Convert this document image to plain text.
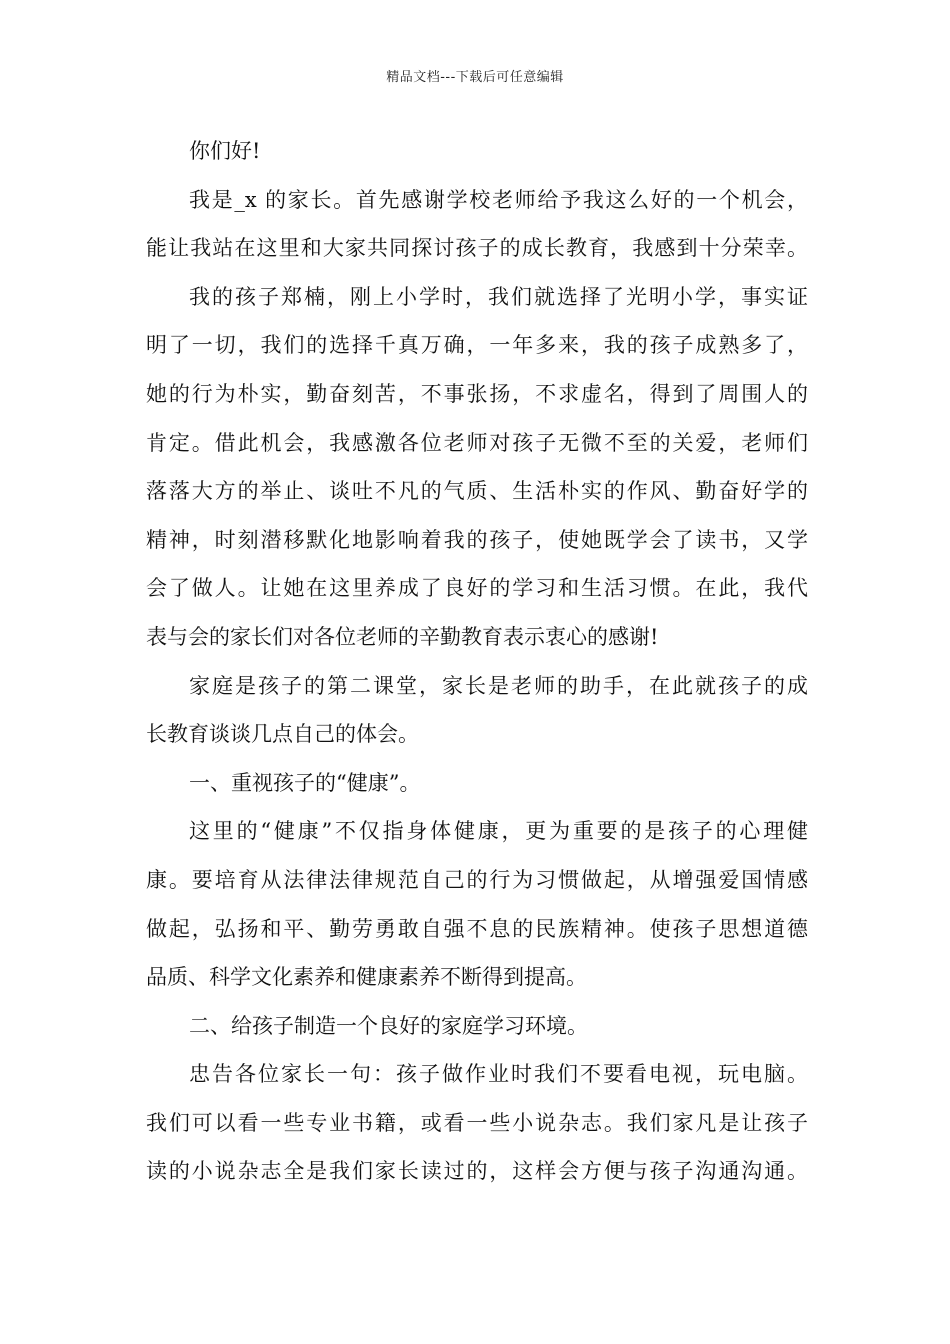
精品文档---下载后可任意编辑
你们好!
我是_x 的家长。首先感谢学校老师给予我这么好的一个机会，
能让我站在这里和大家共同探讨孩子的成长教育，我感到十分荣幸。
我的孩子郑楠，刚上小学时，我们就选择了光明小学，事实证
明了一切，我们的选择千真万确，一年多来，我的孩子成熟多了，
她的行为朴实，勤奋刻苦，不事张扬，不求虚名，得到了周围人的
肯定。借此机会，我感激各位老师对孩子无微不至的关爱，老师们
落落大方的举止、谈吐不凡的气质、生活朴实的作风、勤奋好学的
精神，时刻潜移默化地影响着我的孩子，使她既学会了读书，又学
会了做人。让她在这里养成了良好的学习和生活习惯。在此，我代
表与会的家长们对各位老师的辛勤教育表示衷心的感谢!
家庭是孩子的第二课堂，家长是老师的助手，在此就孩子的成
长教育谈谈几点自己的体会。
一、重视孩子的“健康”。
这里的“健康”不仅指身体健康，更为重要的是孩子的心理健
康。要培育从法律法律规范自己的行为习惯做起，从增强爱国情感
做起，弘扬和平、勤劳勇敢自强不息的民族精神。使孩子思想道德
品质、科学文化素养和健康素养不断得到提高。
二、给孩子制造一个良好的家庭学习环境。
忠告各位家长一句：孩子做作业时我们不要看电视，玩电脑。
我们可以看一些专业书籍，或看一些小说杂志。我们家凡是让孩子
读的小说杂志全是我们家长读过的，这样会方便与孩子沟通沟通。
